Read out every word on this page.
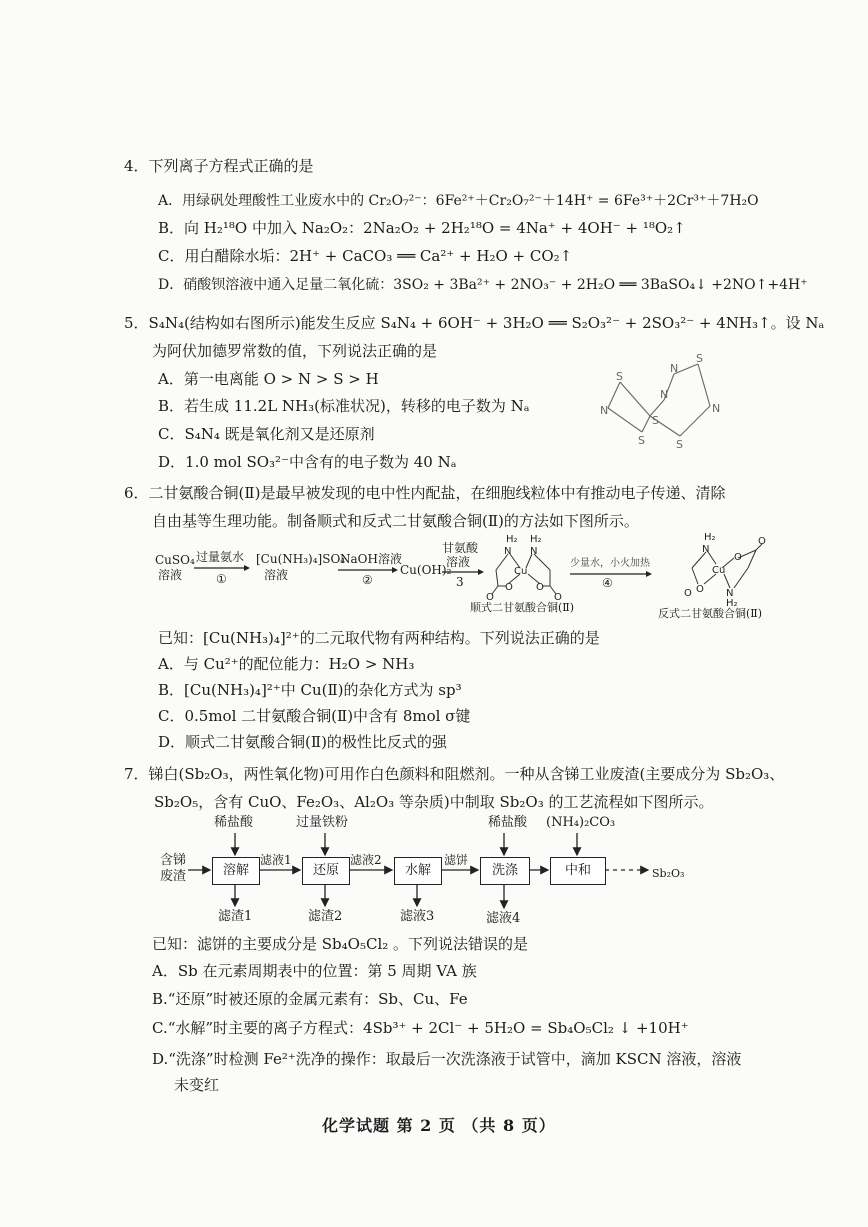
4．下列离子方程式正确的是
A．用绿矾处理酸性工业废水中的 Cr₂O₇²⁻：6Fe²⁺＋Cr₂O₇²⁻＋14H⁺ = 6Fe³⁺＋2Cr³⁺＋7H₂O
B．向 H₂¹⁸O 中加入 Na₂O₂：2Na₂O₂ + 2H₂¹⁸O = 4Na⁺ + 4OH⁻ + ¹⁸O₂↑
C．用白醋除水垢：2H⁺ + CaCO₃ ══ Ca²⁺ + H₂O + CO₂↑
D．硝酸钡溶液中通入足量二氧化硫：3SO₂ + 3Ba²⁺ + 2NO₃⁻ + 2H₂O ══ 3BaSO₄↓ +2NO↑+4H⁺
5．S₄N₄(结构如右图所示)能发生反应 S₄N₄ + 6OH⁻ + 3H₂O ══ S₂O₃²⁻ + 2SO₃²⁻ + 4NH₃↑。设 Nₐ
为阿伏加德罗常数的值，下列说法正确的是
A．第一电离能 O > N > S > H
B．若生成 11.2L NH₃(标准状况)，转移的电子数为 Nₐ
C．S₄N₄ 既是氧化剂又是还原剂
D．1.0 mol SO₃²⁻中含有的电子数为 40 Nₐ
S
N
S
S
S
N
S
N
N
6．二甘氨酸合铜(Ⅱ)是最早被发现的电中性内配盐，在细胞线粒体中有推动电子传递、清除
自由基等生理功能。制备顺式和反式二甘氨酸合铜(Ⅱ)的方法如下图所示。
CuSO₄
溶液
过量氨水
①
[Cu(NH₃)₄]SO₄
溶液
NaOH溶液
②
Cu(OH)₂
甘氨酸
溶液
3
Cu
N N
H₂ H₂
O O
O	O
顺式二甘氨酸合铜(Ⅱ)
少量水，小火加热
④
Cu
N
H₂
N
H₂
O
O
O
O
反式二甘氨酸合铜(Ⅱ)
已知：[Cu(NH₃)₄]²⁺的二元取代物有两种结构。下列说法正确的是
A．与 Cu²⁺的配位能力：H₂O > NH₃
B．[Cu(NH₃)₄]²⁺中 Cu(Ⅱ)的杂化方式为 sp³
C．0.5mol 二甘氨酸合铜(Ⅱ)中含有 8mol σ键
D．顺式二甘氨酸合铜(Ⅱ)的极性比反式的强
7．锑白(Sb₂O₃，两性氧化物)可用作白色颜料和阻燃剂。一种从含锑工业废渣(主要成分为 Sb₂O₃、
Sb₂O₅，含有 CuO、Fe₂O₃、Al₂O₃ 等杂质)中制取 Sb₂O₃ 的工艺流程如下图所示。
含锑
废渣	溶解	还原	水解	洗涤	中和
稀盐酸	过量铁粉	稀盐酸 (NH₄)₂CO₃
滤液1	滤液2	滤饼
滤渣1	滤渣2	滤液3	滤液4
Sb₂O₃
已知：滤饼的主要成分是 Sb₄O₅Cl₂ 。下列说法错误的是
A．Sb 在元素周期表中的位置：第 5 周期 VA 族
B.“还原”时被还原的金属元素有：Sb、Cu、Fe
C.“水解”时主要的离子方程式：4Sb³⁺ + 2Cl⁻ + 5H₂O = Sb₄O₅Cl₂ ↓ +10H⁺
D.“洗涤”时检测 Fe²⁺洗净的操作：取最后一次洗涤液于试管中，滴加 KSCN 溶液，溶液
未变红
化学试题 第 2 页 （共 8 页）
